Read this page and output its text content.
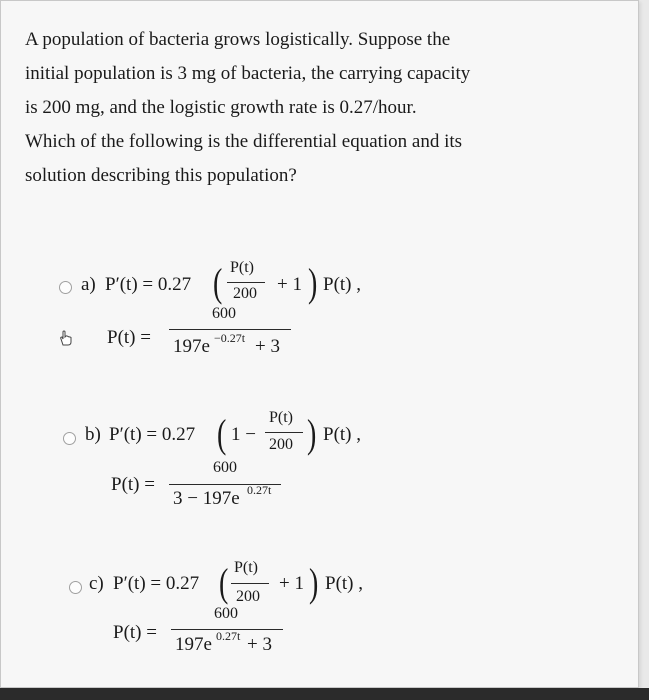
A population of bacteria grows logistically. Suppose the
initial population is 3 mg of bacteria, the carrying capacity
is 200 mg, and the logistic growth rate is 0.27/hour.
Which of the following is the differential equation and its
solution describing this population?
a) P′(t) = 0.27 ( P(t)
200 + 1 ) P(t) ,
P(t) =
600
197e −0.27t + 3
b) P′(t) = 0.27 ( 1 −
P(t)
200 ) P(t) ,
P(t) =
600
3 − 197e 0.27t
c) P′(t) = 0.27 ( P(t)
200
+ 1 ) P(t) ,
P(t) =
600
197e 0.27t + 3
